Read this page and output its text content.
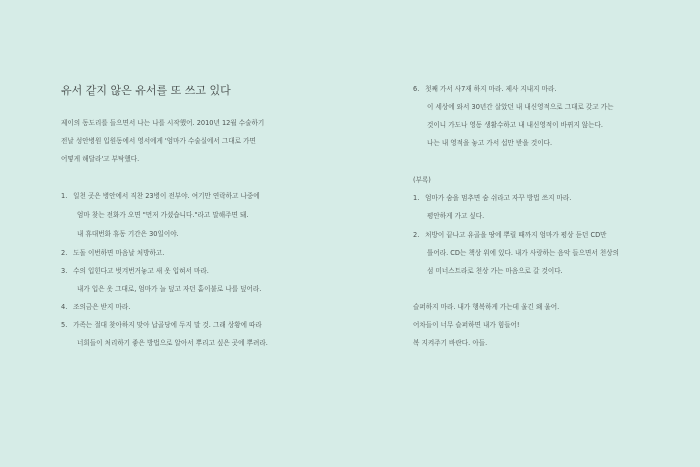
유서 같지 않은 유서를 또 쓰고 있다
제이의 동도리를 들으면서 나는 나를 시작했어. 2010년 12월 수술하기
전날 성안병원 입원동에서 영서에게 '엄마가 수술실에서 그대로 가면
어떻게 해달라'고 부탁했다.
1. 일천 곳은 병안에서 직찬 23병이 전부야. 여기만 연락하고 나중에
엄마 찾는 전화가 오면 "먼저 가셨습니다."라고 말해주면 돼.
내 휴대번화 휴동 기간은 30일이야.
2. 도돌 이번하면 마음날 처방하고.
3. 수의 입힌다고 벗겨번거놓고 새 옷 입혀서 마라.
내가 입은 옷 그대로, 엄마가 늘 덮고 자던 홑이불로 나를 덮어라.
4. 조의금은 받지 마라.
5. 가족는 절대 찾아하지 맞아 납골당에 두지 말 것. 그래 상황에 따라
너희들이 처리하기 좋은 방법으로 알아서 뿌리고 싶은 곳에 뿌려라.
6. 첫째 가서 사7재 하지 마라. 제사 지내지 마라.
이 세상에 와서 30년간 살았던 내 내신영적으로 그대로 갖고 가는
것이니 가도나 영동 생활수하고 내 내신영적이 바뀌지 않는다.
나는 내 영적을 놓고 가서 섭만 받을 것이다.
(부록)
1. 엄마가 숨을 멈추면 숨 쉬라고 자꾸 방법 쓰지 마라.
평안하게 가고 싶다.
2. 처방이 끝나고 유골을 땅에 뿌릴 때까지 엄마가 평상 듣던 CD만
틀어라. CD는 책상 위에 있다. 내가 사랑하는 음악 들으면서 천상의
섬 미너스트라로 천상 가는 마음으로 갈 것이다.
슬퍼하지 마라. 내가 행복하게 가는데 울긴 왜 울어.
어차들이 너무 슬퍼하면 내가 힘들어!
복 지켜주기 바란다. 아들.
